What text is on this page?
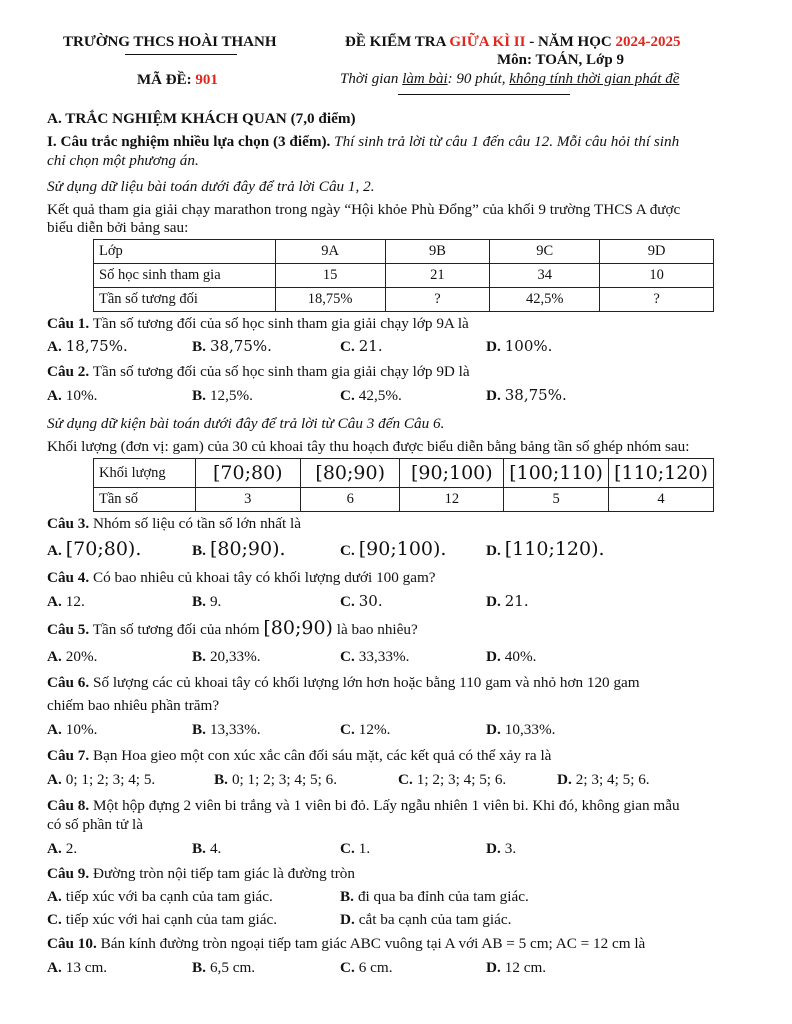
TRƯỜNG THCS HOÀI THANH	ĐỀ KIỂM TRA GIỮA KÌ II - NĂM HỌC 2024-2025
Môn: TOÁN, Lớp 9
MÃ ĐỀ: 901	Thời gian làm bài: 90 phút, không tính thời gian phát đề
A. TRẮC NGHIỆM KHÁCH QUAN (7,0 điểm)
I. Câu trắc nghiệm nhiều lựa chọn (3 điểm). Thí sinh trả lời từ câu 1 đến câu 12. Mỗi câu hỏi thí sinh
chỉ chọn một phương án.
Sử dụng dữ liệu bài toán dưới đây để trả lời Câu 1, 2.
Kết quả tham gia giải chạy marathon trong ngày “Hội khỏe Phù Đổng” của khối 9 trường THCS A được
biểu diễn bởi bảng sau:
Lớp	9A	9B	9C	9D
Số học sinh tham gia	15	21	34	10
Tần số tương đối	18,75%	?	42,5%	?
Câu 1. Tần số tương đối của số học sinh tham gia giải chạy lớp 9A là
A. 18,75%.	B. 38,75%.	C. 21.	D. 100%.
Câu 2. Tần số tương đối của số học sinh tham gia giải chạy lớp 9D là
A. 10%.	B. 12,5%.	C. 42,5%.	D. 38,75%.
Sử dụng dữ kiện bài toán dưới đây để trả lời từ Câu 3 đến Câu 6.
Khối lượng (đơn vị: gam) của 30 củ khoai tây thu hoạch được biểu diễn bằng bảng tần số ghép nhóm sau:
Khối lượng	[70;80)	[80;90)	[90;100)	[100;110)	[110;120)
Tần số	3	6	12	5	4
Câu 3. Nhóm số liệu có tần số lớn nhất là
A. [70;80).	B. [80;90).	C. [90;100).	D. [110;120).
Câu 4. Có bao nhiêu củ khoai tây có khối lượng dưới 100 gam?
A. 12.	B. 9.	C. 30.	D. 21.
Câu 5. Tần số tương đối của nhóm [80;90) là bao nhiêu?
A. 20%.	B. 20,33%.	C. 33,33%.	D. 40%.
Câu 6. Số lượng các củ khoai tây có khối lượng lớn hơn hoặc bằng 110 gam và nhỏ hơn 120 gam
chiếm bao nhiêu phần trăm?
A. 10%.	B. 13,33%.	C. 12%.	D. 10,33%.
Câu 7. Bạn Hoa gieo một con xúc xắc cân đối sáu mặt, các kết quả có thể xảy ra là
A. 0; 1; 2; 3; 4; 5.	B. 0; 1; 2; 3; 4; 5; 6.	C. 1; 2; 3; 4; 5; 6.	D. 2; 3; 4; 5; 6.
Câu 8. Một hộp đựng 2 viên bi trắng và 1 viên bi đỏ. Lấy ngẫu nhiên 1 viên bi. Khi đó, không gian mẫu
có số phần tử là
A. 2.	B. 4.	C. 1.	D. 3.
Câu 9. Đường tròn nội tiếp tam giác là đường tròn
A. tiếp xúc với ba cạnh của tam giác.	B. đi qua ba đỉnh của tam giác.
C. tiếp xúc với hai cạnh của tam giác.	D. cắt ba cạnh của tam giác.
Câu 10. Bán kính đường tròn ngoại tiếp tam giác ABC vuông tại A với AB = 5 cm; AC = 12 cm là
A. 13 cm.	B. 6,5 cm.	C. 6 cm.	D. 12 cm.
